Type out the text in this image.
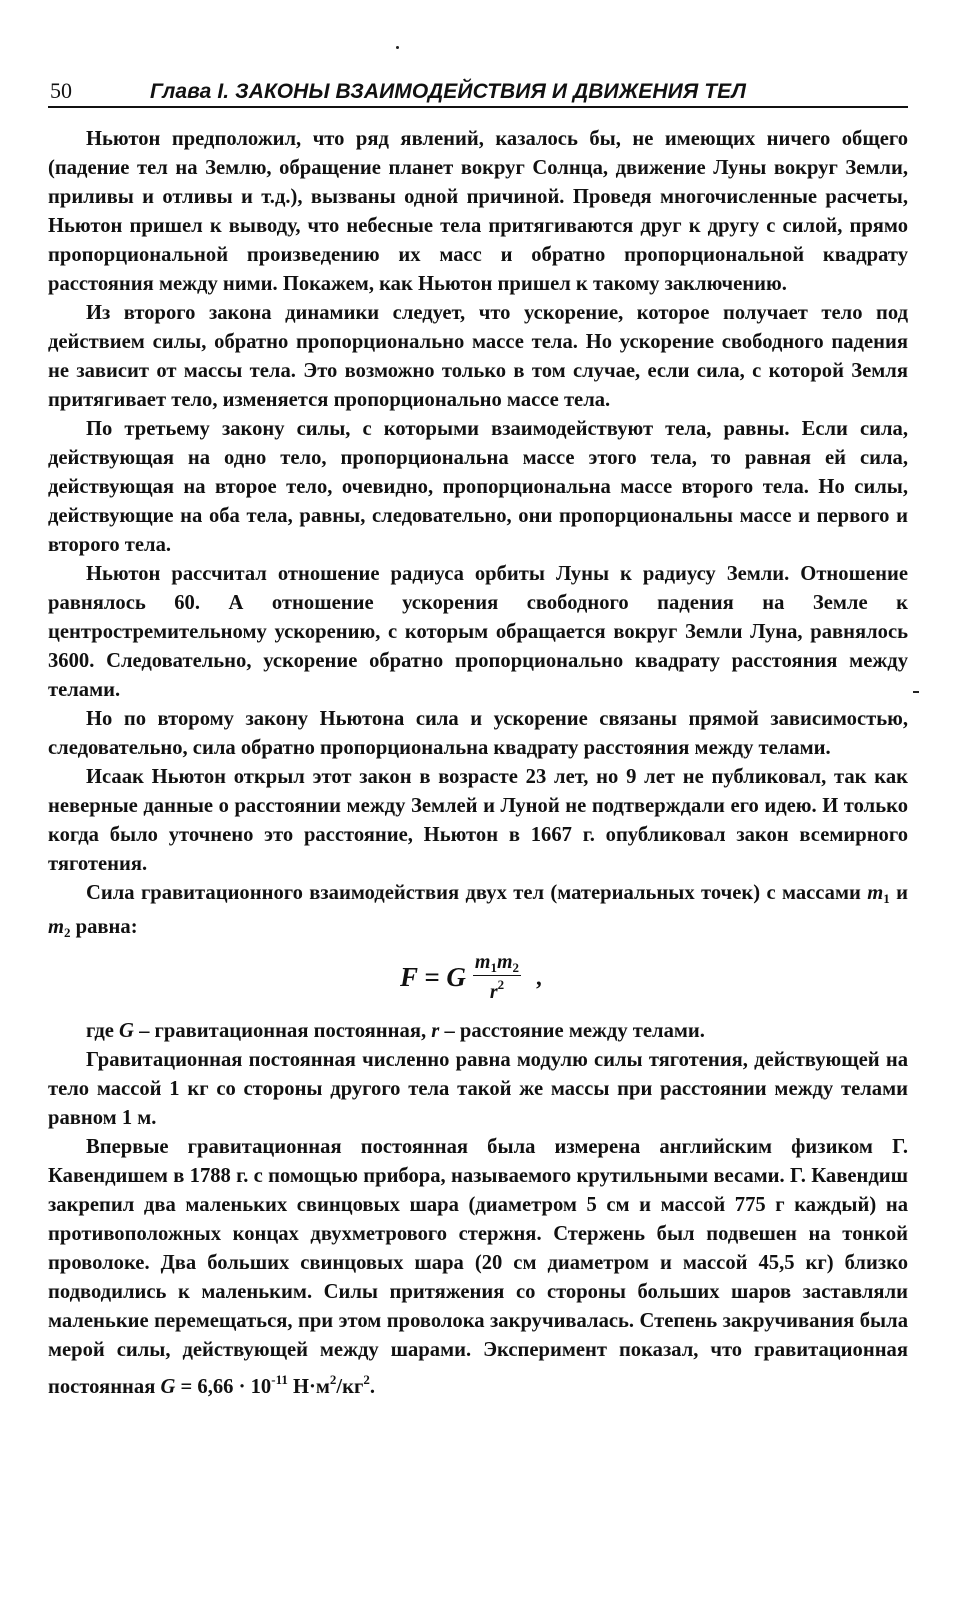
50	Глава I. ЗАКОНЫ ВЗАИМОДЕЙСТВИЯ И ДВИЖЕНИЯ ТЕЛ

Ньютон предположил, что ряд явлений, казалось бы, не имеющих ничего общего (падение тел на Землю, обращение планет вокруг Солнца, движение Луны вокруг Земли, приливы и отливы и т.д.), вызваны одной причиной. Проведя многочисленные расчеты, Ньютон пришел к выводу, что небесные тела притягиваются друг к другу с силой, прямо пропорциональной произведению их масс и обратно пропорциональной квадрату расстояния между ними. Покажем, как Ньютон пришел к такому заключению.

Из второго закона динамики следует, что ускорение, которое получает тело под действием силы, обратно пропорционально массе тела. Но ускорение свободного падения не зависит от массы тела. Это возможно только в том случае, если сила, с которой Земля притягивает тело, изменяется пропорционально массе тела.

По третьему закону силы, с которыми взаимодействуют тела, равны. Если сила, действующая на одно тело, пропорциональна массе этого тела, то равная ей сила, действующая на второе тело, очевидно, пропорциональна массе второго тела. Но силы, действующие на оба тела, равны, следовательно, они пропорциональны массе и первого и второго тела.

Ньютон рассчитал отношение радиуса орбиты Луны к радиусу Земли. Отношение равнялось 60. А отношение ускорения свободного падения на Земле к центростремительному ускорению, с которым обращается вокруг Земли Луна, равнялось 3600. Следовательно, ускорение обратно пропорционально квадрату расстояния между телами.

Но по второму закону Ньютона сила и ускорение связаны прямой зависимостью, следовательно, сила обратно пропорциональна квадрату расстояния между телами.

Исаак Ньютон открыл этот закон в возрасте 23 лет, но 9 лет не публиковал, так как неверные данные о расстоянии между Землей и Луной не подтверждали его идею. И только когда было уточнено это расстояние, Ньютон в 1667 г. опубликовал закон всемирного тяготения.

Сила гравитационного взаимодействия двух тел (материальных точек) с массами $m_1$ и $m_2$ равна:

F = G $\frac{m_1m_2}{r^2}$ ,

где G – гравитационная постоянная, r – расстояние между телами.

Гравитационная постоянная численно равна модулю силы тяготения, действующей на тело массой 1 кг со стороны другого тела такой же массы при расстоянии между телами равном 1 м.

Впервые гравитационная постоянная была измерена английским физиком Г. Кавендишем в 1788 г. с помощью прибора, называемого крутильными весами. Г. Кавендиш закрепил два маленьких свинцовых шара (диаметром 5 см и массой 775 г каждый) на противоположных концах двухметрового стержня. Стержень был подвешен на тонкой проволоке. Два больших свинцовых шара (20 см диаметром и массой 45,5 кг) близко подводились к маленьким. Силы притяжения со стороны больших шаров заставляли маленькие перемещаться, при этом проволока закручивалась. Степень закручивания была мерой силы, действующей между шарами. Эксперимент показал, что гравитационная постоянная $G = 6,66 \cdot 10^{-11}$ $Н\cdot м^2/кг^2$.
